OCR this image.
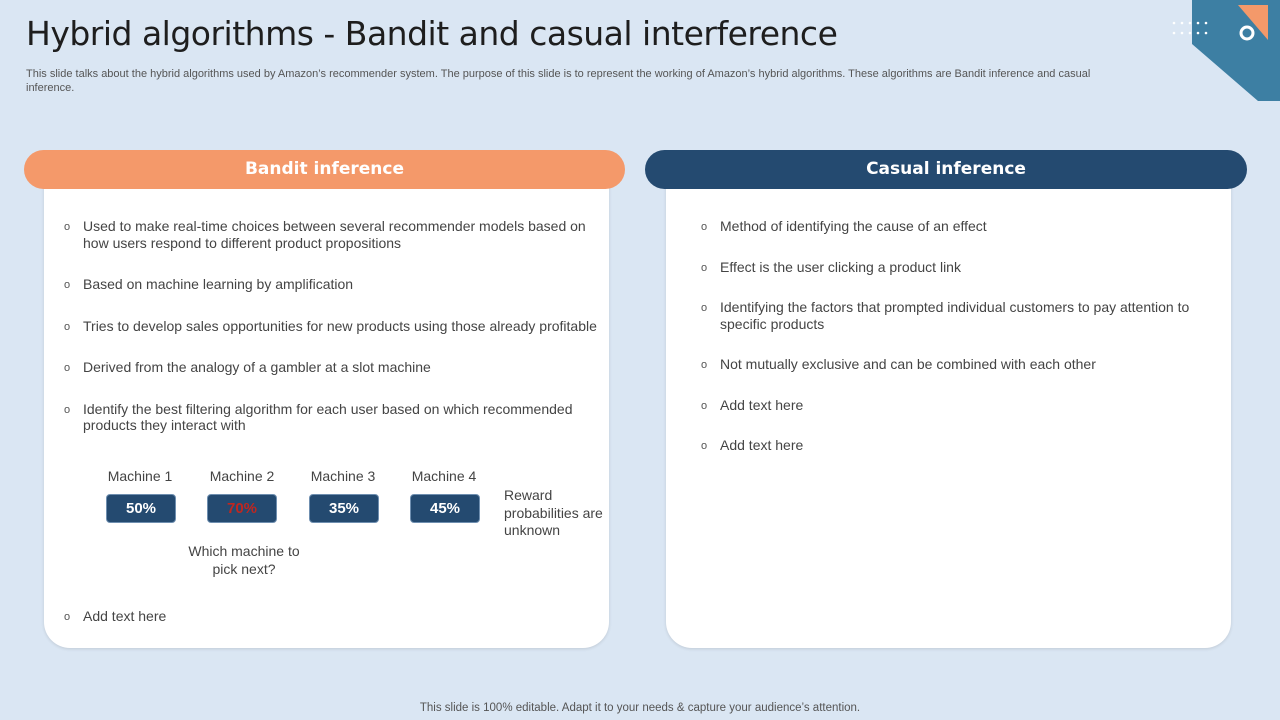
Hybrid algorithms - Bandit and casual interference
This slide talks about the hybrid algorithms used by Amazon’s recommender system. The purpose of this slide is to represent the working of Amazon’s hybrid algorithms. These algorithms are Bandit inference and casual inference.
Bandit inference	Casual inference
o Used to make real-time choices between several recommender models based on how users respond to different product propositions
o Based on machine learning by amplification
o Tries to develop sales opportunities for new products using those already profitable
o Derived from the analogy of a gambler at a slot machine
o Identify the best filtering algorithm for each user based on which recommended products they interact with
Machine 1	Machine 2	Machine 3	Machine 4
50%	70%	35%	45%
Reward probabilities are unknown
Which machine to pick next?
o Add text here
o Method of identifying the cause of an effect
o Effect is the user clicking a product link
o Identifying the factors that prompted individual customers to pay attention to specific products
o Not mutually exclusive and can be combined with each other
o Add text here
o Add text here
This slide is 100% editable. Adapt it to your needs & capture your audience’s attention.
